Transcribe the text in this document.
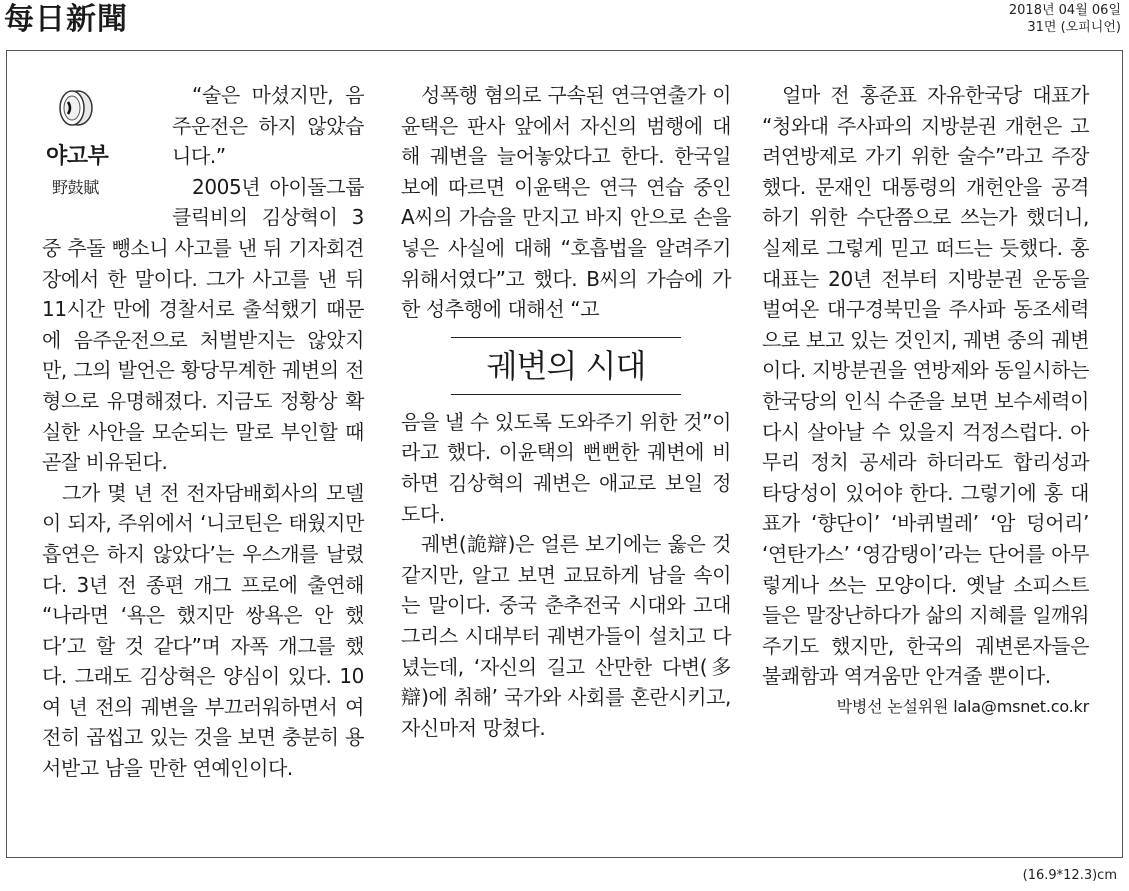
每日新聞	2018년 04월 06일
31면 (오피니언)
야고부
野鼓賦

“술은 마셨지만, 음주운전은 하지 않았습니다.”

2005년 아이돌그룹 클릭비의 김상혁이 3중 추돌 뺑소니 사고를 낸 뒤 기자회견장에서 한 말이다. 그가 사고를 낸 뒤 11시간 만에 경찰서로 출석했기 때문에 음주운전으로 처벌받지는 않았지만, 그의 발언은 황당무계한 궤변의 전형으로 유명해졌다. 지금도 정황상 확실한 사안을 모순되는 말로 부인할 때 곧잘 비유된다.

그가 몇 년 전 전자담배회사의 모델이 되자, 주위에서 ‘니코틴은 태웠지만 흡연은 하지 않았다’는 우스개를 날렸다. 3년 전 종편 개그 프로에 출연해 “나라면 ‘욕은 했지만 쌍욕은 안 했다’고 할 것 같다”며 자폭 개그를 했다. 그래도 김상혁은 양심이 있다. 10여 년 전의 궤변을 부끄러워하면서 여전히 곱씹고 있는 것을 보면 충분히 용서받고 남을 만한 연예인이다.

성폭행 혐의로 구속된 연극연출가 이윤택은 판사 앞에서 자신의 범행에 대해 궤변을 늘어놓았다고 한다. 한국일보에 따르면 이윤택은 연극 연습 중인 A씨의 가슴을 만지고 바지 안으로 손을 넣은 사실에 대해 “호흡법을 알려주기 위해서였다”고 했다. B씨의 가슴에 가한 성추행에 대해선 “고

궤변의 시대

음을 낼 수 있도록 도와주기 위한 것”이라고 했다. 이윤택의 뻔뻔한 궤변에 비하면 김상혁의 궤변은 애교로 보일 정도다.

궤변(詭辯)은 얼른 보기에는 옳은 것 같지만, 알고 보면 교묘하게 남을 속이는 말이다. 중국 춘추전국 시대와 고대 그리스 시대부터 궤변가들이 설치고 다녔는데, ‘자신의 길고 산만한 다변(多辯)에 취해’ 국가와 사회를 혼란시키고, 자신마저 망쳤다.

얼마 전 홍준표 자유한국당 대표가 “청와대 주사파의 지방분권 개헌은 고려연방제로 가기 위한 술수”라고 주장했다. 문재인 대통령의 개헌안을 공격하기 위한 수단쯤으로 쓰는가 했더니, 실제로 그렇게 믿고 떠드는 듯했다. 홍 대표는 20년 전부터 지방분권 운동을 벌여온 대구경북민을 주사파 동조세력으로 보고 있는 것인지, 궤변 중의 궤변이다. 지방분권을 연방제와 동일시하는 한국당의 인식 수준을 보면 보수세력이 다시 살아날 수 있을지 걱정스럽다. 아무리 정치 공세라 하더라도 합리성과 타당성이 있어야 한다. 그렇기에 홍 대표가 ‘향단이’ ‘바퀴벌레’ ‘암 덩어리’ ‘연탄가스’ ‘영감탱이’라는 단어를 아무렇게나 쓰는 모양이다. 옛날 소피스트들은 말장난하다가 삶의 지혜를 일깨워주기도 했지만, 한국의 궤변론자들은 불쾌함과 역겨움만 안겨줄 뿐이다.

박병선 논설위원 lala@msnet.co.kr
(16.9*12.3)cm
